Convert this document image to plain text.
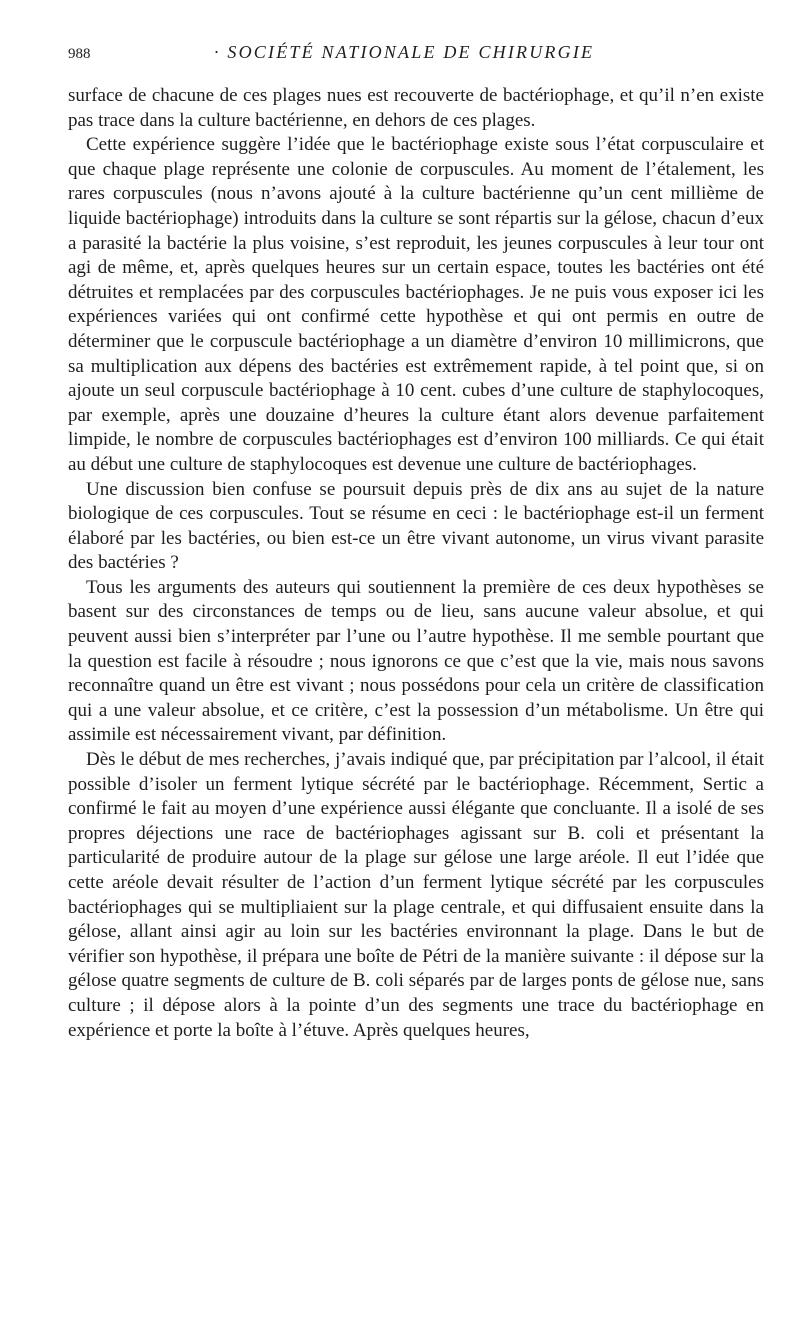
988	· SOCIÉTÉ NATIONALE DE CHIRURGIE

surface de chacune de ces plages nues est recouverte de bactériophage, et qu’il n’en existe pas trace dans la culture bactérienne, en dehors de ces plages.

Cette expérience suggère l’idée que le bactériophage existe sous l’état corpusculaire et que chaque plage représente une colonie de corpuscules. Au moment de l’étalement, les rares corpuscules (nous n’avons ajouté à la culture bactérienne qu’un cent millième de liquide bactériophage) introduits dans la culture se sont répartis sur la gélose, chacun d’eux a parasité la bactérie la plus voisine, s’est reproduit, les jeunes corpuscules à leur tour ont agi de même, et, après quelques heures sur un certain espace, toutes les bactéries ont été détruites et remplacées par des corpuscules bactériophages. Je ne puis vous exposer ici les expériences variées qui ont confirmé cette hypothèse et qui ont permis en outre de déterminer que le corpuscule bactériophage a un diamètre d’environ 10 millimicrons, que sa multiplication aux dépens des bactéries est extrêmement rapide, à tel point que, si on ajoute un seul corpuscule bactériophage à 10 cent. cubes d’une culture de staphylocoques, par exemple, après une douzaine d’heures la culture étant alors devenue parfaitement limpide, le nombre de corpuscules bactériophages est d’environ 100 milliards. Ce qui était au début une culture de staphylocoques est devenue une culture de bactériophages.

Une discussion bien confuse se poursuit depuis près de dix ans au sujet de la nature biologique de ces corpuscules. Tout se résume en ceci : le bactériophage est-il un ferment élaboré par les bactéries, ou bien est-ce un être vivant autonome, un virus vivant parasite des bactéries ?

Tous les arguments des auteurs qui soutiennent la première de ces deux hypothèses se basent sur des circonstances de temps ou de lieu, sans aucune valeur absolue, et qui peuvent aussi bien s’interpréter par l’une ou l’autre hypothèse. Il me semble pourtant que la question est facile à résoudre ; nous ignorons ce que c’est que la vie, mais nous savons reconnaître quand un être est vivant ; nous possédons pour cela un critère de classification qui a une valeur absolue, et ce critère, c’est la possession d’un métabolisme. Un être qui assimile est nécessairement vivant, par définition.

Dès le début de mes recherches, j’avais indiqué que, par précipitation par l’alcool, il était possible d’isoler un ferment lytique sécrété par le bactériophage. Récemment, Sertic a confirmé le fait au moyen d’une expérience aussi élégante que concluante. Il a isolé de ses propres déjections une race de bactériophages agissant sur B. coli et présentant la particularité de produire autour de la plage sur gélose une large aréole. Il eut l’idée que cette aréole devait résulter de l’action d’un ferment lytique sécrété par les corpuscules bactériophages qui se multipliaient sur la plage centrale, et qui diffusaient ensuite dans la gélose, allant ainsi agir au loin sur les bactéries environnant la plage. Dans le but de vérifier son hypothèse, il prépara une boîte de Pétri de la manière suivante : il dépose sur la gélose quatre segments de culture de B. coli séparés par de larges ponts de gélose nue, sans culture ; il dépose alors à la pointe d’un des segments une trace du bactériophage en expérience et porte la boîte à l’étuve. Après quelques heures,
